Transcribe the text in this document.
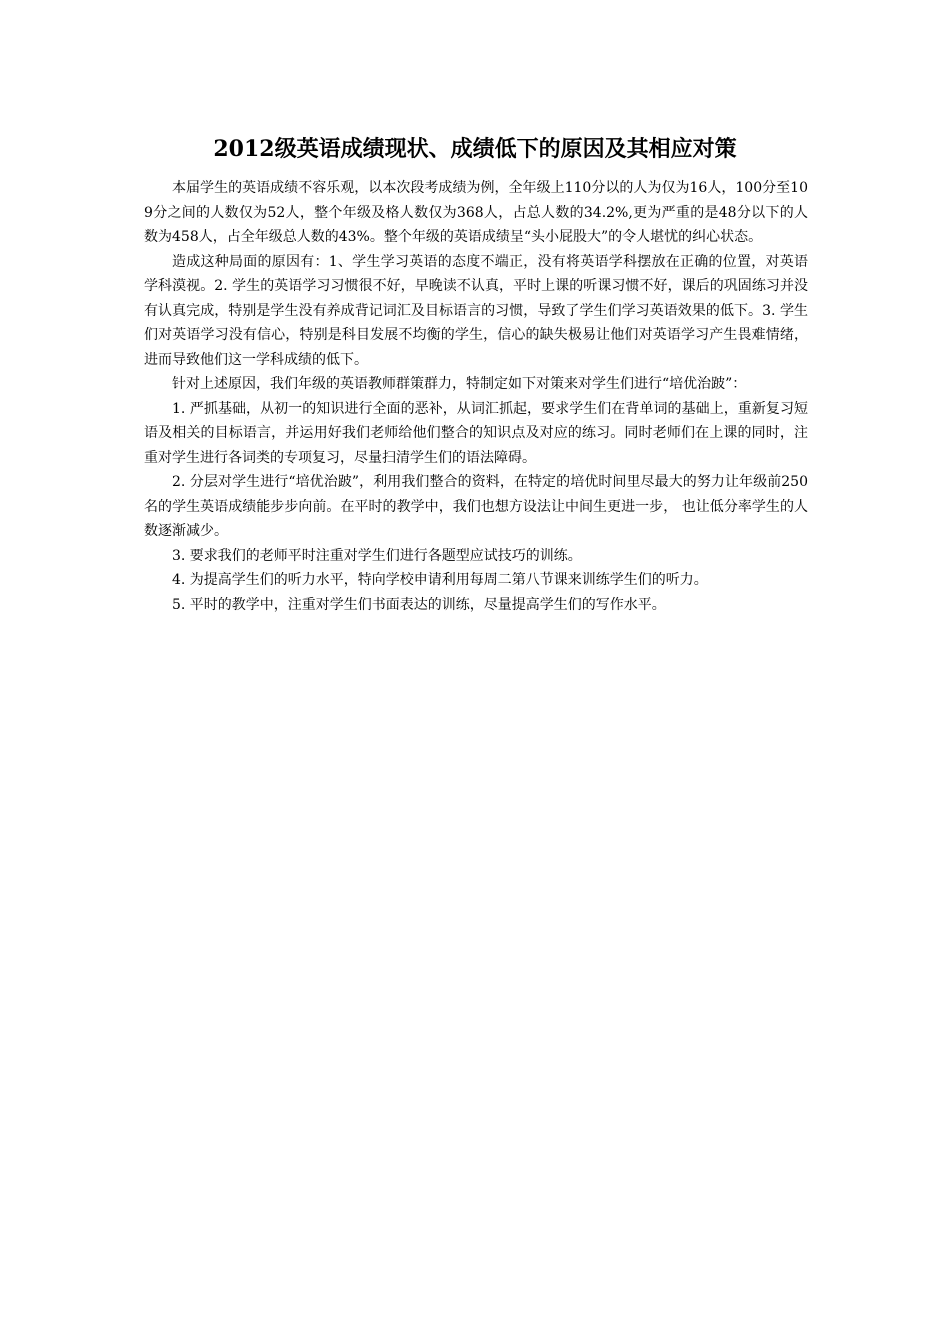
2012级英语成绩现状、成绩低下的原因及其相应对策

本届学生的英语成绩不容乐观，以本次段考成绩为例，全年级上110分以的人为仅为16人，100分至109分之间的人数仅为52人，整个年级及格人数仅为368人，占总人数的34.2%,更为严重的是48分以下的人数为458人，占全年级总人数的43%。整个年级的英语成绩呈“头小屁股大”的令人堪忧的纠心状态。

造成这种局面的原因有：1、学生学习英语的态度不端正，没有将英语学科摆放在正确的位置，对英语学科漠视。2. 学生的英语学习习惯很不好，早晚读不认真，平时上课的听课习惯不好，课后的巩固练习并没有认真完成，特别是学生没有养成背记词汇及目标语言的习惯，导致了学生们学习英语效果的低下。3. 学生们对英语学习没有信心，特别是科目发展不均衡的学生，信心的缺失极易让他们对英语学习产生畏难情绪，进而导致他们这一学科成绩的低下。

针对上述原因，我们年级的英语教师群策群力，特制定如下对策来对学生们进行“培优治跛”：

1. 严抓基础，从初一的知识进行全面的恶补，从词汇抓起，要求学生们在背单词的基础上，重新复习短语及相关的目标语言，并运用好我们老师给他们整合的知识点及对应的练习。同时老师们在上课的同时，注重对学生进行各词类的专项复习，尽量扫清学生们的语法障碍。

2. 分层对学生进行“培优治跛”，利用我们整合的资料，在特定的培优时间里尽最大的努力让年级前250名的学生英语成绩能步步向前。在平时的教学中，我们也想方设法让中间生更进一步， 也让低分率学生的人数逐渐减少。

3. 要求我们的老师平时注重对学生们进行各题型应试技巧的训练。

4. 为提高学生们的听力水平，特向学校申请利用每周二第八节课来训练学生们的听力。

5. 平时的教学中，注重对学生们书面表达的训练，尽量提高学生们的写作水平。
